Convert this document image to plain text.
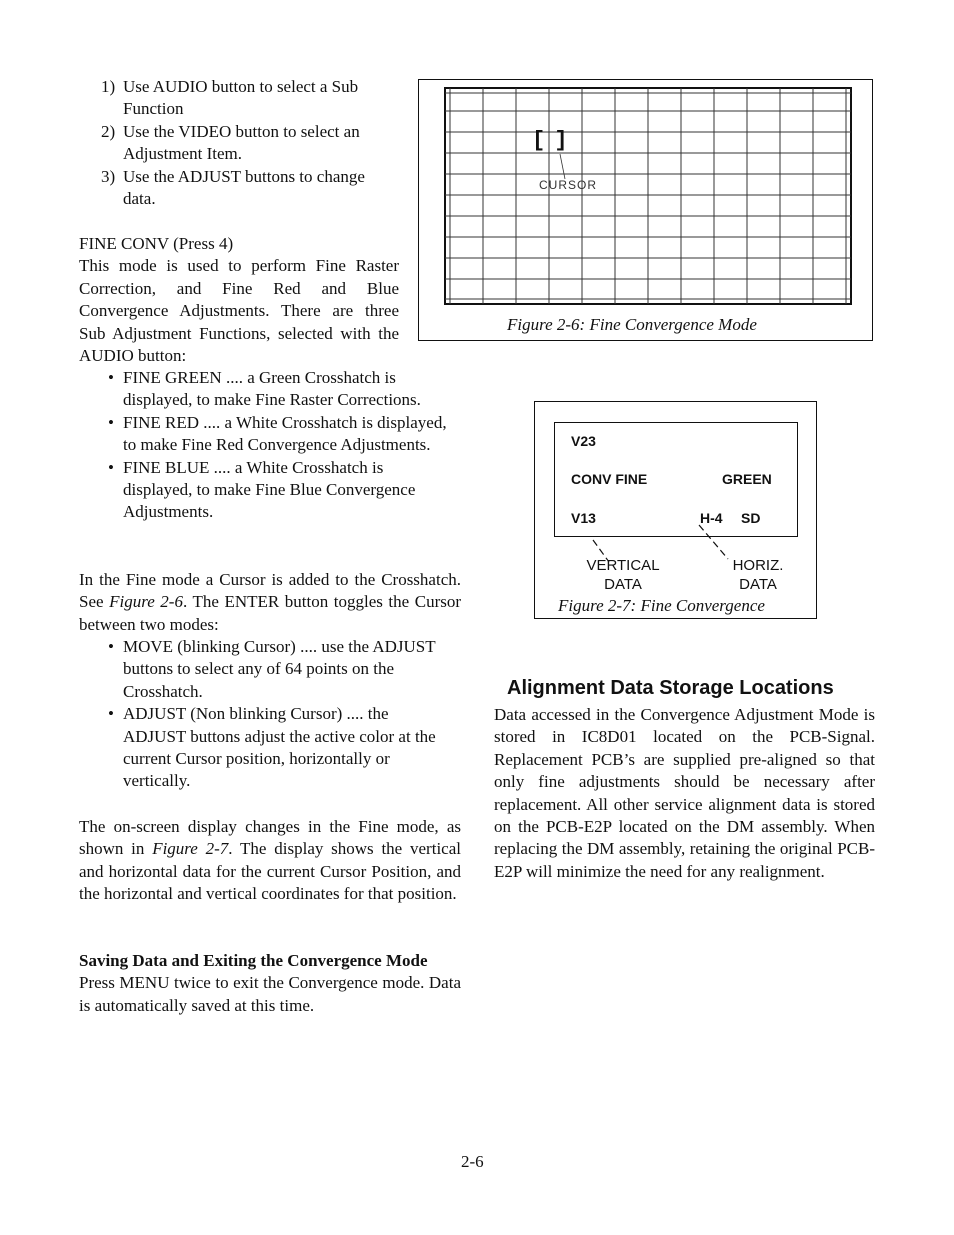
1) Use AUDIO button to select a Sub Function
2) Use the VIDEO button to select an Adjustment Item.
3) Use the ADJUST buttons to change data.

FINE CONV (Press 4)

This mode is used to perform Fine Raster Correction, and Fine Red and Blue Convergence Adjustments. There are three Sub Adjustment Functions, selected with the AUDIO button:

• FINE GREEN .... a Green Crosshatch is displayed, to make Fine Raster Corrections.
• FINE RED .... a White Crosshatch is displayed, to make Fine Red Convergence Adjustments.
• FINE BLUE .... a White Crosshatch is displayed, to make Fine Blue Convergence Adjustments.
In the Fine mode a Cursor is added to the Crosshatch. See Figure 2-6. The ENTER button toggles the Cursor between two modes:
• MOVE (blinking Cursor) .... use the ADJUST buttons to select any of 64 points on the Crosshatch.
• ADJUST (Non blinking Cursor) .... the ADJUST buttons adjust the active color at the current Cursor position, horizontally or vertically.
The on-screen display changes in the Fine mode, as shown in Figure 2-7. The display shows the vertical and horizontal data for the current Cursor Position, and the horizontal and vertical coordinates for that position.

Saving Data and Exiting the Convergence Mode

Press MENU twice to exit the Convergence mode. Data is automatically saved at this time.

[ ]
CURSOR
Figure 2-6: Fine Convergence Mode
V23
CONV FINE	GREEN
V13	H-4 SD
VERTICAL
DATA
HORIZ.
DATA
Figure 2-7: Fine Convergence
Alignment Data Storage Locations
Data accessed in the Convergence Adjustment Mode is stored in IC8D01 located on the PCB-Signal. Replacement PCB’s are supplied pre-aligned so that only fine adjustments should be necessary after replacement. All other service alignment data is stored on the PCB-E2P located on the DM assembly. When replacing the DM assembly, retaining the original PCB-E2P will minimize the need for any realignment.
2-6
